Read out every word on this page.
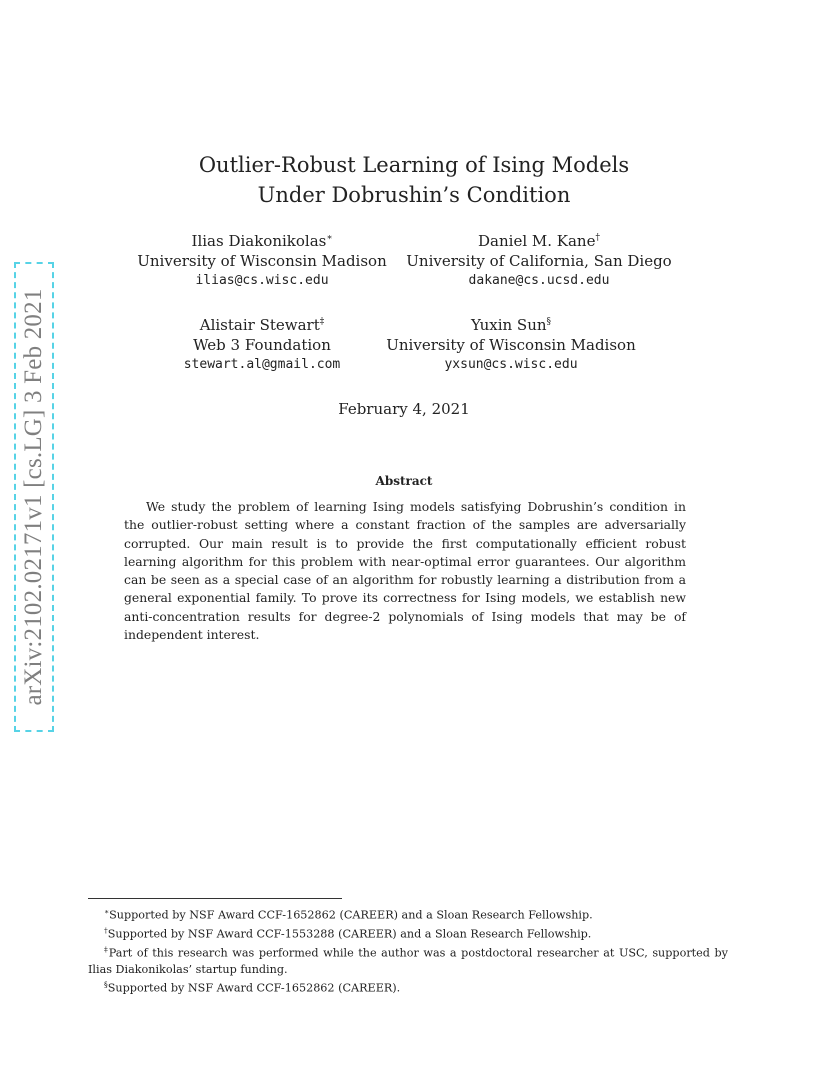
arXiv:2102.02171v1 [cs.LG] 3 Feb 2021
Outlier-Robust Learning of Ising Models
Under Dobrushin’s Condition
Ilias Diakonikolas∗
University of Wisconsin Madison
ilias@cs.wisc.edu
Daniel M. Kane†
University of California, San Diego
dakane@cs.ucsd.edu
Alistair Stewart‡
Web 3 Foundation
stewart.al@gmail.com
Yuxin Sun§
University of Wisconsin Madison
yxsun@cs.wisc.edu
February 4, 2021
Abstract

We study the problem of learning Ising models satisfying Dobrushin’s condition in the outlier-robust setting where a constant fraction of the samples are adversarially corrupted. Our main result is to provide the first computationally efficient robust learning algorithm for this problem with near-optimal error guarantees. Our algorithm can be seen as a special case of an algorithm for robustly learning a distribution from a general exponential family. To prove its correctness for Ising models, we establish new anti-concentration results for degree-2 polynomials of Ising models that may be of independent interest.

∗Supported by NSF Award CCF-1652862 (CAREER) and a Sloan Research Fellowship.

†Supported by NSF Award CCF-1553288 (CAREER) and a Sloan Research Fellowship.

‡Part of this research was performed while the author was a postdoctoral researcher at USC, supported by Ilias Diakonikolas’ startup funding.

§Supported by NSF Award CCF-1652862 (CAREER).
